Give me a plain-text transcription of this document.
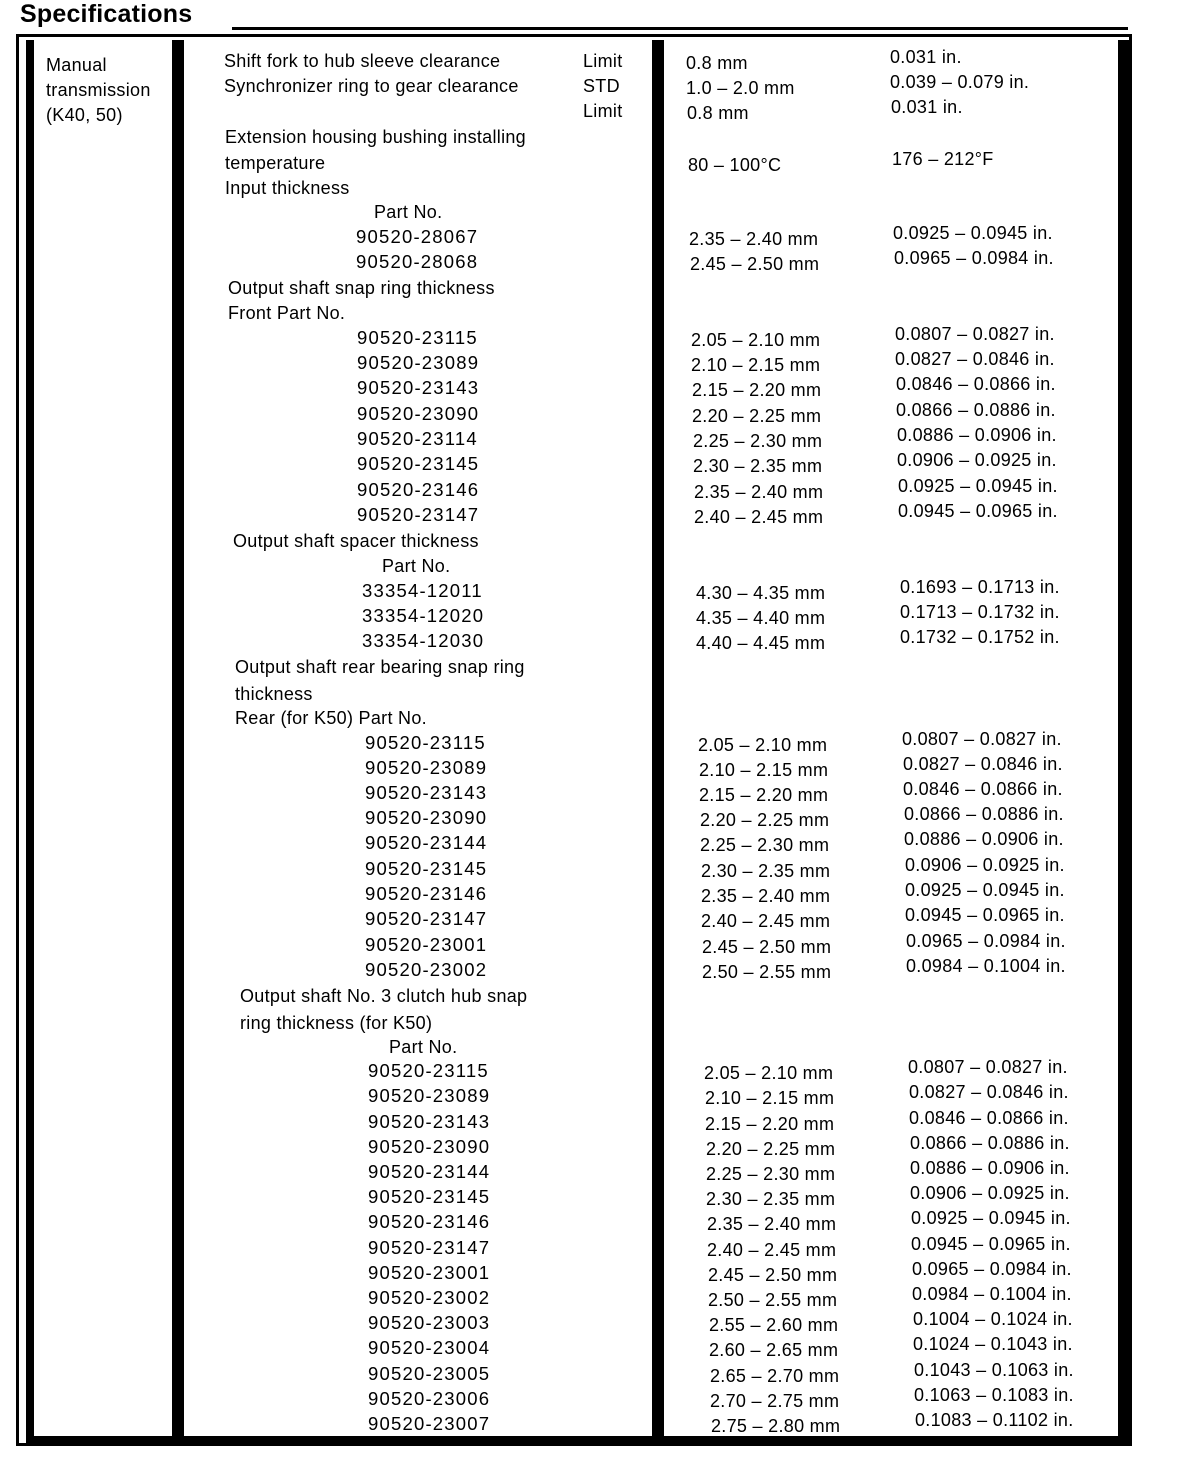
Specifications
Manual
transmission
(K40, 50)
Shift fork to hub sleeve clearance	Limit	0.8 mm	0.031 in.
Synchronizer ring to gear clearance	STD	1.0 – 2.0 mm	0.039 – 0.079 in.
Limit	0.8 mm	0.031 in.
Extension housing bushing installing
temperature	80 – 100°C	176 – 212°F
Input thickness
Part No.
90520-28067	2.35 – 2.40 mm	0.0925 – 0.0945 in.
90520-28068	2.45 – 2.50 mm	0.0965 – 0.0984 in.
Output shaft snap ring thickness
Front Part No.
90520-23115	2.05 – 2.10 mm	0.0807 – 0.0827 in.
90520-23089	2.10 – 2.15 mm	0.0827 – 0.0846 in.
90520-23143	2.15 – 2.20 mm	0.0846 – 0.0866 in.
90520-23090	2.20 – 2.25 mm	0.0866 – 0.0886 in.
90520-23114	2.25 – 2.30 mm	0.0886 – 0.0906 in.
90520-23145	2.30 – 2.35 mm	0.0906 – 0.0925 in.
90520-23146	2.35 – 2.40 mm	0.0925 – 0.0945 in.
90520-23147	2.40 – 2.45 mm	0.0945 – 0.0965 in.
Output shaft spacer thickness
Part No.
33354-12011	4.30 – 4.35 mm	0.1693 – 0.1713 in.
33354-12020	4.35 – 4.40 mm	0.1713 – 0.1732 in.
33354-12030	4.40 – 4.45 mm	0.1732 – 0.1752 in.
Output shaft rear bearing snap ring
thickness
Rear (for K50) Part No.
90520-23115	2.05 – 2.10 mm	0.0807 – 0.0827 in.
90520-23089	2.10 – 2.15 mm	0.0827 – 0.0846 in.
90520-23143	2.15 – 2.20 mm	0.0846 – 0.0866 in.
90520-23090	2.20 – 2.25 mm	0.0866 – 0.0886 in.
90520-23144	2.25 – 2.30 mm	0.0886 – 0.0906 in.
90520-23145	2.30 – 2.35 mm	0.0906 – 0.0925 in.
90520-23146	2.35 – 2.40 mm	0.0925 – 0.0945 in.
90520-23147	2.40 – 2.45 mm	0.0945 – 0.0965 in.
90520-23001	2.45 – 2.50 mm	0.0965 – 0.0984 in.
90520-23002	2.50 – 2.55 mm	0.0984 – 0.1004 in.
Output shaft No. 3 clutch hub snap
ring thickness (for K50)
Part No.
90520-23115	2.05 – 2.10 mm	0.0807 – 0.0827 in.
90520-23089	2.10 – 2.15 mm	0.0827 – 0.0846 in.
90520-23143	2.15 – 2.20 mm	0.0846 – 0.0866 in.
90520-23090	2.20 – 2.25 mm	0.0866 – 0.0886 in.
90520-23144	2.25 – 2.30 mm	0.0886 – 0.0906 in.
90520-23145	2.30 – 2.35 mm	0.0906 – 0.0925 in.
90520-23146	2.35 – 2.40 mm	0.0925 – 0.0945 in.
90520-23147	2.40 – 2.45 mm	0.0945 – 0.0965 in.
90520-23001	2.45 – 2.50 mm	0.0965 – 0.0984 in.
90520-23002	2.50 – 2.55 mm	0.0984 – 0.1004 in.
90520-23003	2.55 – 2.60 mm	0.1004 – 0.1024 in.
90520-23004	2.60 – 2.65 mm	0.1024 – 0.1043 in.
90520-23005	2.65 – 2.70 mm	0.1043 – 0.1063 in.
90520-23006	2.70 – 2.75 mm	0.1063 – 0.1083 in.
90520-23007	2.75 – 2.80 mm	0.1083 – 0.1102 in.
